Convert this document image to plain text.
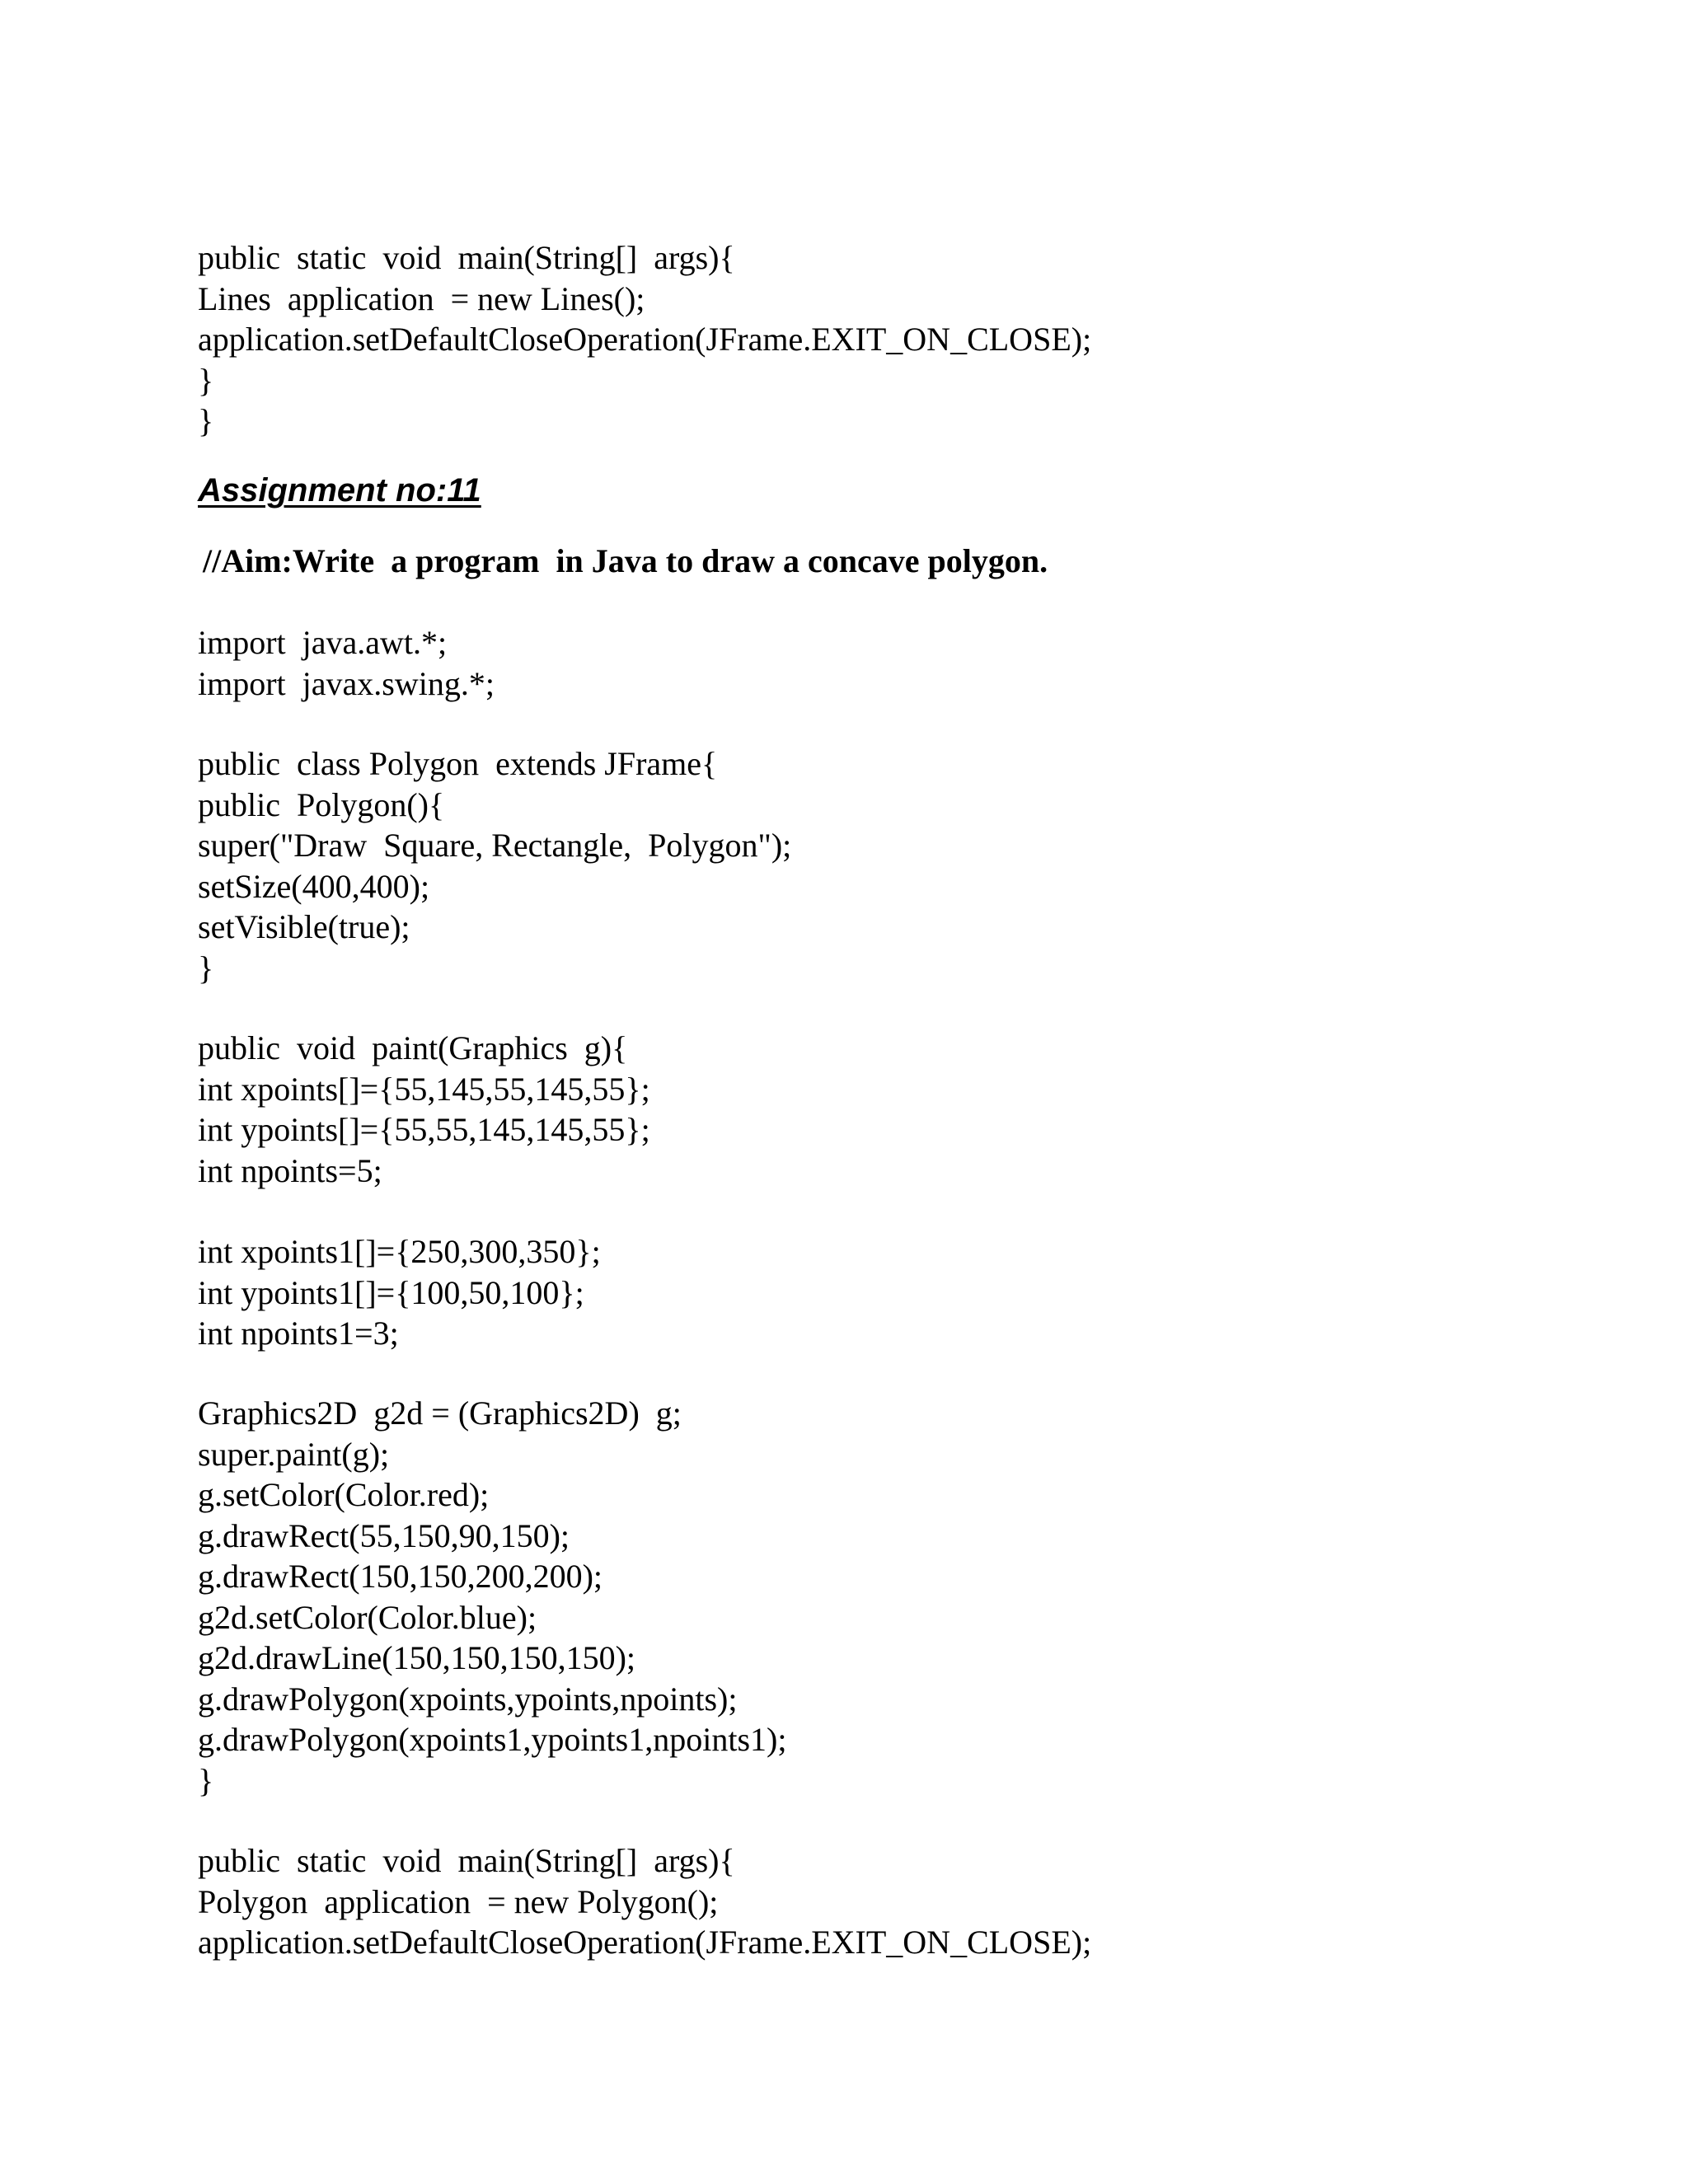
public  static  void  main(String[]  args){
Lines  application  = new Lines();
application.setDefaultCloseOperation(JFrame.EXIT_ON_CLOSE);
}
}
Assignment no:11
//Aim:Write  a program  in Java to draw a concave polygon.
import  java.awt.*;
import  javax.swing.*;
public  class Polygon  extends JFrame{
public  Polygon(){
super("Draw  Square, Rectangle,  Polygon");
setSize(400,400);
setVisible(true);
}
public  void  paint(Graphics  g){
int xpoints[]={55,145,55,145,55};
int ypoints[]={55,55,145,145,55};
int npoints=5;
int xpoints1[]={250,300,350};
int ypoints1[]={100,50,100};
int npoints1=3;
Graphics2D  g2d = (Graphics2D)  g;
super.paint(g);
g.setColor(Color.red);
g.drawRect(55,150,90,150);
g.drawRect(150,150,200,200);
g2d.setColor(Color.blue);
g2d.drawLine(150,150,150,150);
g.drawPolygon(xpoints,ypoints,npoints);
g.drawPolygon(xpoints1,ypoints1,npoints1);
}
public  static  void  main(String[]  args){
Polygon  application  = new Polygon();
application.setDefaultCloseOperation(JFrame.EXIT_ON_CLOSE);
